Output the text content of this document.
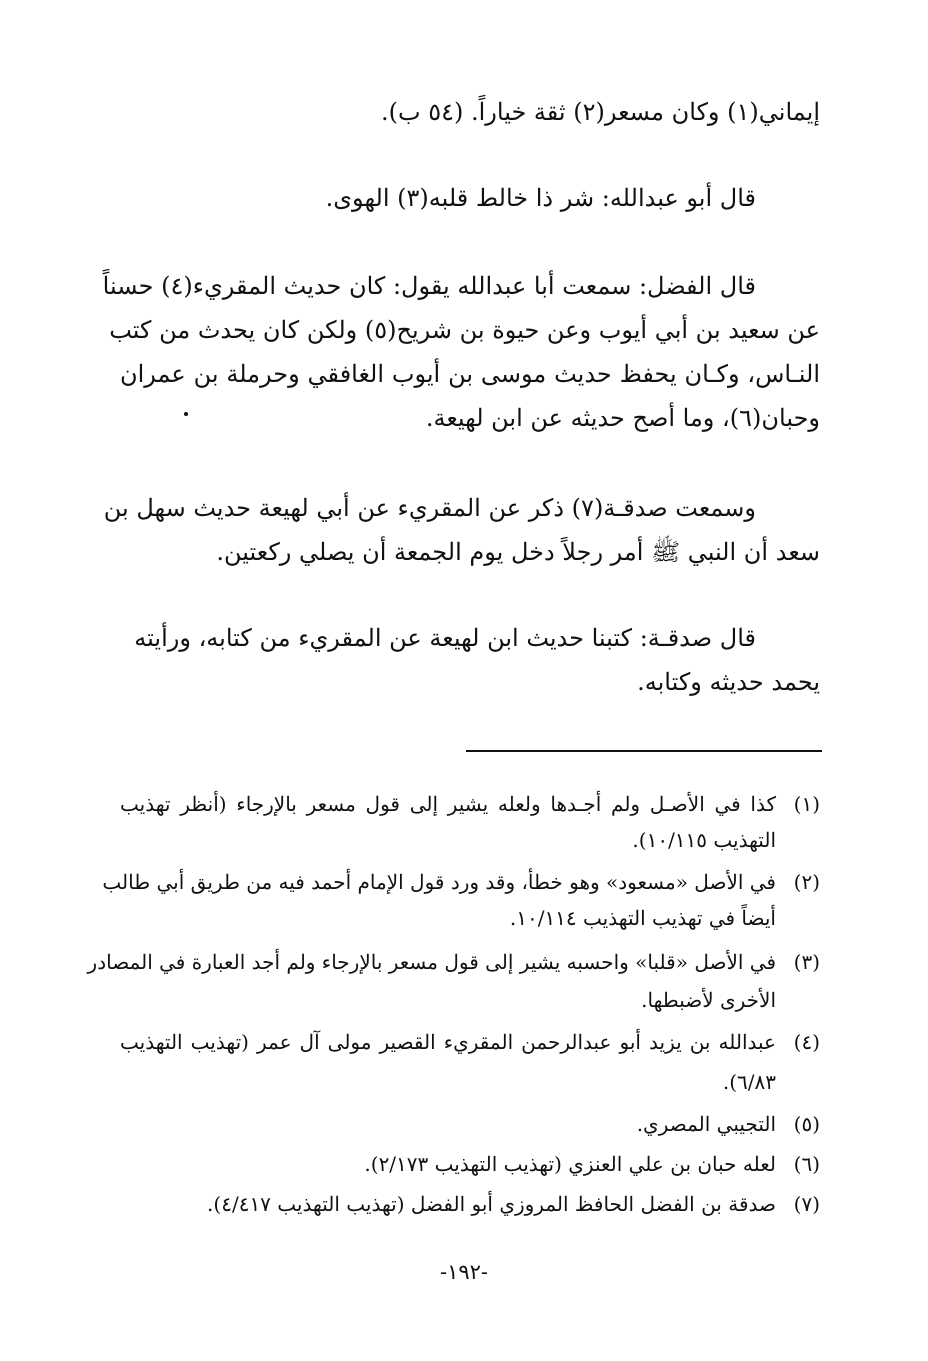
إيماني(١) وكان مسعر(٢) ثقة خياراً. (٥٤ ب).
قال أبو عبدالله: شر ذا خالط قلبه(٣) الهوى.
قال الفضل: سمعت أبا عبدالله يقول: كان حديث المقريء(٤) حسناً
عن سعيد بن أبي أيوب وعن حيوة بن شريح(٥) ولكن كان يحدث من كتب
النـاس، وكـان يحفظ حديث موسى بن أيوب الغافقي وحرملة بن عمران
وحبان(٦)، وما أصح حديثه عن ابن لهيعة.
وسمعت صدقـة(٧) ذكر عن المقريء عن أبي لهيعة حديث سهل بن
سعد أن النبي ﷺ أمر رجلاً دخل يوم الجمعة أن يصلي ركعتين.
قال صدقـة: كتبنا حديث ابن لهيعة عن المقريء من كتابه، ورأيته
يحمد حديثه وكتابه.
(١)
كذا في الأصـل ولم أجـدها ولعله يشير إلى قول مسعر بالإرجاء (أنظر تهذيب
التهذيب ١٠/١١٥).
(٢)
في الأصل «مسعود» وهو خطأ، وقد ورد قول الإمام أحمد فيه من طريق أبي طالب
أيضاً في تهذيب التهذيب ١٠/١١٤.
(٣)
في الأصل «قلبا» واحسبه يشير إلى قول مسعر بالإرجاء ولم أجد العبارة في المصادر
الأخرى لأضبطها.
(٤)
عبدالله بن يزيد أبو عبدالرحمن المقريء القصير مولى آل عمر (تهذيب التهذيب
٦/٨٣).
(٥)
التجيبي المصري.
(٦)
لعله حبان بن علي العنزي (تهذيب التهذيب ٢/١٧٣).
(٧)
صدقة بن الفضل الحافظ المروزي أبو الفضل (تهذيب التهذيب ٤/٤١٧).
-١٩٢-
